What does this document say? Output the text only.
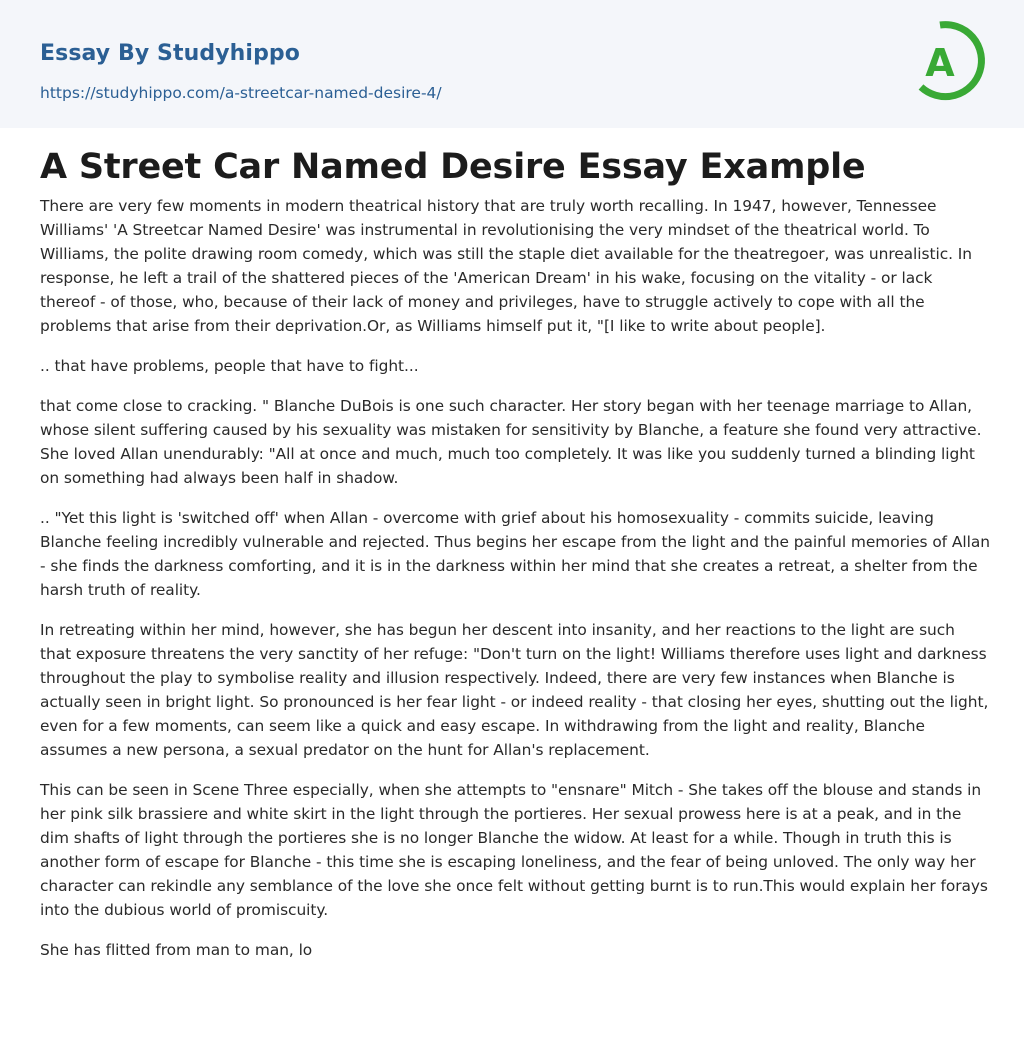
Essay By Studyhippo
https://studyhippo.com/a-streetcar-named-desire-4/
A
A Street Car Named Desire Essay Example

There are very few moments in modern theatrical history that are truly worth recalling. In 1947, however, Tennessee Williams' 'A Streetcar Named Desire' was instrumental in revolutionising the very mindset of the theatrical world. To Williams, the polite drawing room comedy, which was still the staple diet available for the theatregoer, was unrealistic. In response, he left a trail of the shattered pieces of the 'American Dream' in his wake, focusing on the vitality - or lack thereof - of those, who, because of their lack of money and privileges, have to struggle actively to cope with all the problems that arise from their deprivation.Or, as Williams himself put it, "[I like to write about people].

.. that have problems, people that have to fight...

that come close to cracking. " Blanche DuBois is one such character. Her story began with her teenage marriage to Allan, whose silent suffering caused by his sexuality was mistaken for sensitivity by Blanche, a feature she found very attractive. She loved Allan unendurably: "All at once and much, much too completely. It was like you suddenly turned a blinding light on something had always been half in shadow.

.. "Yet this light is 'switched off' when Allan - overcome with grief about his homosexuality - commits suicide, leaving Blanche feeling incredibly vulnerable and rejected. Thus begins her escape from the light and the painful memories of Allan - she finds the darkness comforting, and it is in the darkness within her mind that she creates a retreat, a shelter from the harsh truth of reality.

In retreating within her mind, however, she has begun her descent into insanity, and her reactions to the light are such that exposure threatens the very sanctity of her refuge: "Don't turn on the light! Williams therefore uses light and darkness throughout the play to symbolise reality and illusion respectively. Indeed, there are very few instances when Blanche is actually seen in bright light. So pronounced is her fear light - or indeed reality - that closing her eyes, shutting out the light, even for a few moments, can seem like a quick and easy escape. In withdrawing from the light and reality, Blanche assumes a new persona, a sexual predator on the hunt for Allan's replacement.

This can be seen in Scene Three especially, when she attempts to "ensnare" Mitch - She takes off the blouse and stands in her pink silk brassiere and white skirt in the light through the portieres. Her sexual prowess here is at a peak, and in the dim shafts of light through the portieres she is no longer Blanche the widow. At least for a while. Though in truth this is another form of escape for Blanche - this time she is escaping loneliness, and the fear of being unloved. The only way her character can rekindle any semblance of the love she once felt without getting burnt is to run.This would explain her forays into the dubious world of promiscuity.

She has flitted from man to man, lo
